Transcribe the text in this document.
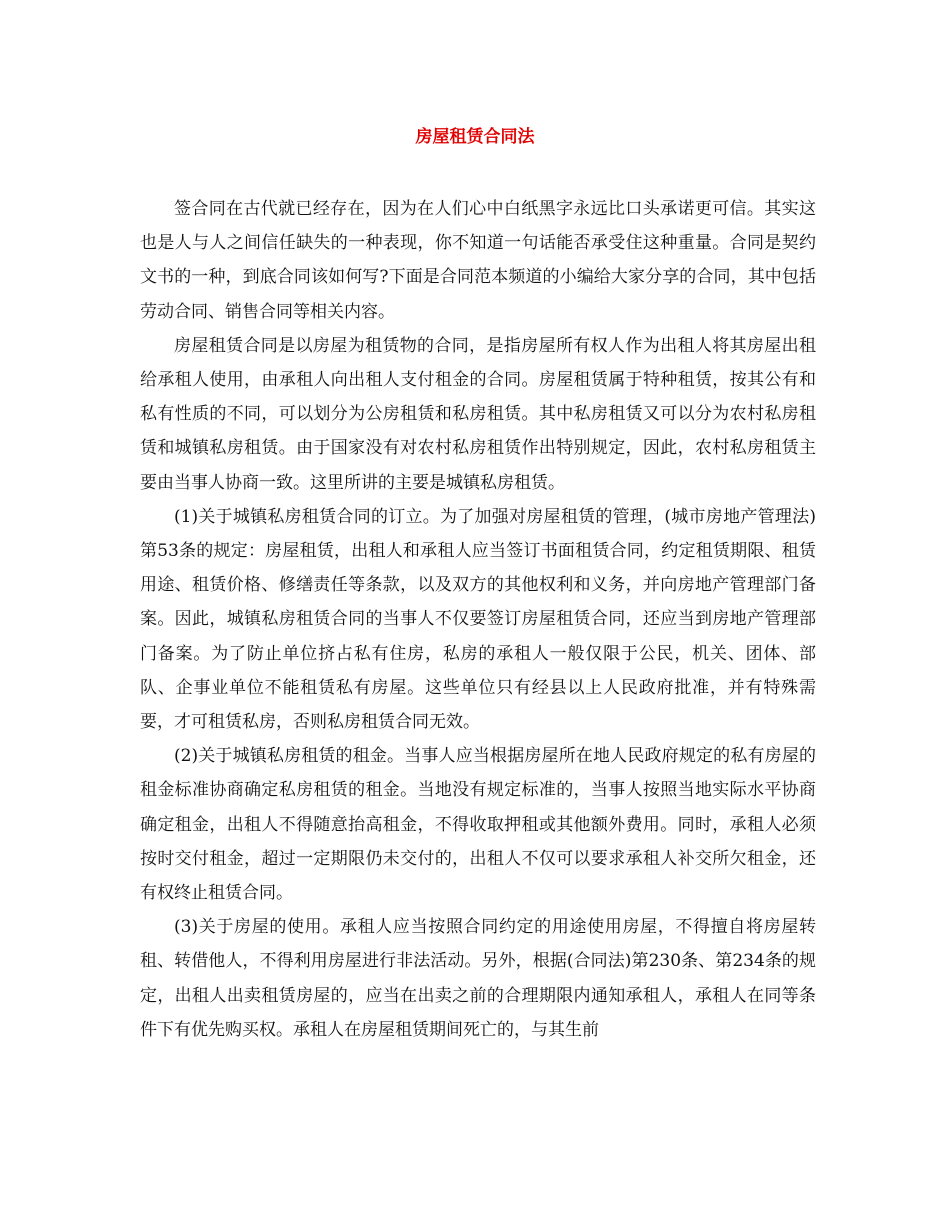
房屋租赁合同法

签合同在古代就已经存在，因为在人们心中白纸黑字永远比口头承诺更可信。其实这也是人与人之间信任缺失的一种表现，你不知道一句话能否承受住这种重量。合同是契约文书的一种，到底合同该如何写?下面是合同范本频道的小编给大家分享的合同，其中包括劳动合同、销售合同等相关内容。

房屋租赁合同是以房屋为租赁物的合同，是指房屋所有权人作为出租人将其房屋出租给承租人使用，由承租人向出租人支付租金的合同。房屋租赁属于特种租赁，按其公有和私有性质的不同，可以划分为公房租赁和私房租赁。其中私房租赁又可以分为农村私房租赁和城镇私房租赁。由于国家没有对农村私房租赁作出特别规定，因此，农村私房租赁主要由当事人协商一致。这里所讲的主要是城镇私房租赁。

(1)关于城镇私房租赁合同的订立。为了加强对房屋租赁的管理，(城市房地产管理法)第53条的规定：房屋租赁，出租人和承租人应当签订书面租赁合同，约定租赁期限、租赁用途、租赁价格、修缮责任等条款，以及双方的其他权利和义务，并向房地产管理部门备案。因此，城镇私房租赁合同的当事人不仅要签订房屋租赁合同，还应当到房地产管理部门备案。为了防止单位挤占私有住房，私房的承租人一般仅限于公民，机关、团体、部队、企事业单位不能租赁私有房屋。这些单位只有经县以上人民政府批准，并有特殊需要，才可租赁私房，否则私房租赁合同无效。

(2)关于城镇私房租赁的租金。当事人应当根据房屋所在地人民政府规定的私有房屋的租金标准协商确定私房租赁的租金。当地没有规定标准的，当事人按照当地实际水平协商确定租金，出租人不得随意抬高租金，不得收取押租或其他额外费用。同时，承租人必须按时交付租金，超过一定期限仍未交付的，出租人不仅可以要求承租人补交所欠租金，还有权终止租赁合同。

(3)关于房屋的使用。承租人应当按照合同约定的用途使用房屋，不得擅自将房屋转租、转借他人，不得利用房屋进行非法活动。另外，根据(合同法)第230条、第234条的规定，出租人出卖租赁房屋的，应当在出卖之前的合理期限内通知承租人，承租人在同等条件下有优先购买权。承租人在房屋租赁期间死亡的，与其生前
